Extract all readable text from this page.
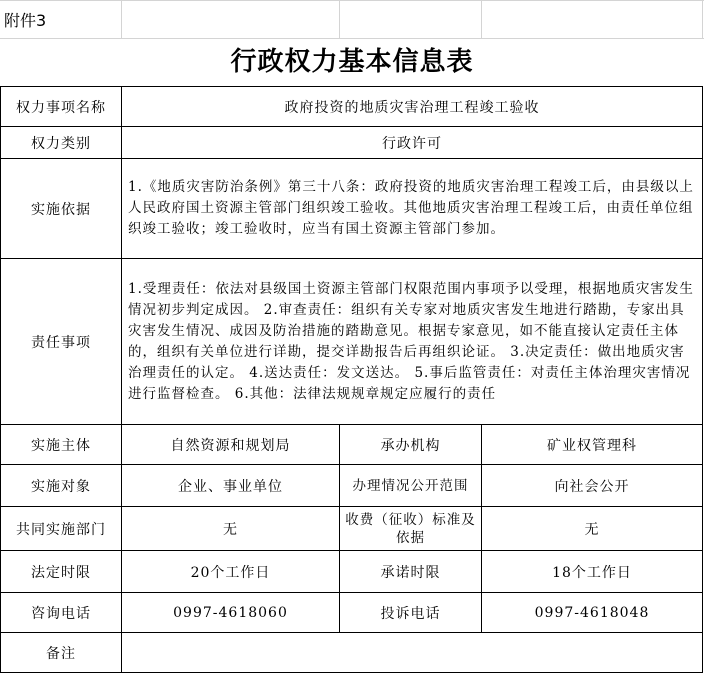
附件3
行政权力基本信息表
权力事项名称	政府投资的地质灾害治理工程竣工验收		
权力类别	行政许可		
实施依据	1.《地质灾害防治条例》第三十八条：政府投资的地质灾害治理工程竣工后，由县级以上人民政府国土资源主管部门组织竣工验收。其他地质灾害治理工程竣工后，由责任单位组织竣工验收；竣工验收时，应当有国土资源主管部门参加。		
责任事项	1.受理责任：依法对县级国土资源主管部门权限范围内事项予以受理，根据地质灾害发生情况初步判定成因。 2.审查责任：组织有关专家对地质灾害发生地进行踏勘，专家出具灾害发生情况、成因及防治措施的踏勘意见。根据专家意见，如不能直接认定责任主体的，组织有关单位进行详勘，提交详勘报告后再组织论证。 3.决定责任：做出地质灾害治理责任的认定。 4.送达责任：发文送达。 5.事后监管责任：对责任主体治理灾害情况进行监督检查。 6.其他：法律法规规章规定应履行的责任		
实施主体	自然资源和规划局	承办机构	矿业权管理科
实施对象	企业、事业单位	办理情况公开范围	向社会公开
共同实施部门	无	收费（征收）标准及依据	无
法定时限	20个工作日	承诺时限	18个工作日
咨询电话	0997-4618060	投诉电话	0997-4618048
备注			
